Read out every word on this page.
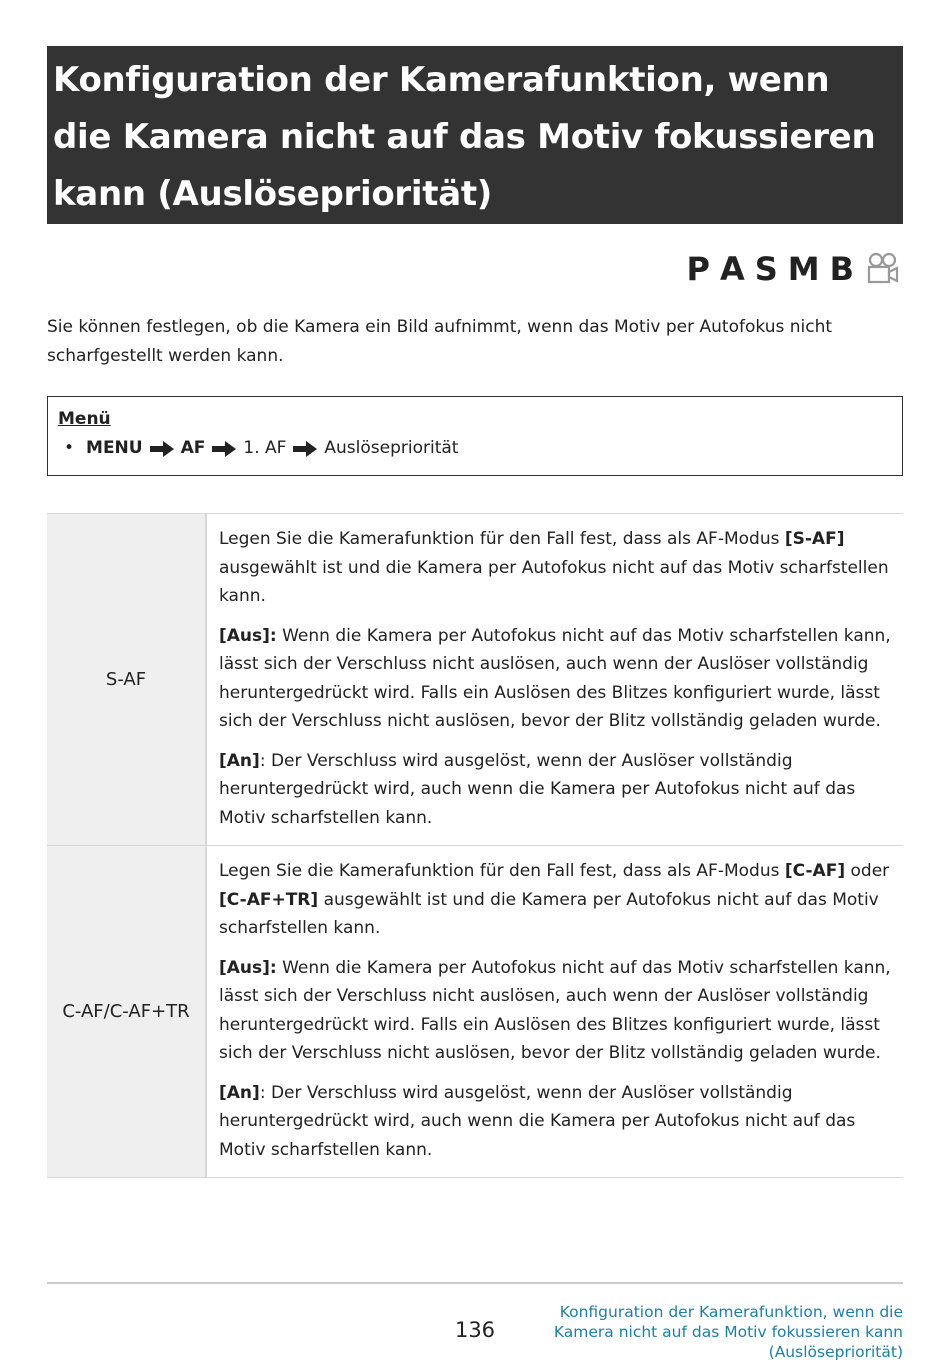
Konfiguration der Kamerafunktion, wenn die Kamera nicht auf das Motiv fokussieren kann (Auslösepriorität)
P A S M B

Sie können festlegen, ob die Kamera ein Bild aufnimmt, wenn das Motiv per Autofokus nicht scharfgestellt werden kann.

Menü
• MENU AF 1. AF Auslösepriorität
S-AF	Legen Sie die Kamerafunktion für den Fall fest, dass als AF-Modus [S-AF] ausgewählt ist und die Kamera per Autofokus nicht auf das Motiv scharfstellen kann.

[Aus]: Wenn die Kamera per Autofokus nicht auf das Motiv scharfstellen kann, lässt sich der Verschluss nicht auslösen, auch wenn der Auslöser vollständig heruntergedrückt wird. Falls ein Auslösen des Blitzes konfiguriert wurde, lässt sich der Verschluss nicht auslösen, bevor der Blitz vollständig geladen wurde.

[An]: Der Verschluss wird ausgelöst, wenn der Auslöser vollständig heruntergedrückt wird, auch wenn die Kamera per Autofokus nicht auf das Motiv scharfstellen kann.

C-AF/C-AF+TR	Legen Sie die Kamerafunktion für den Fall fest, dass als AF-Modus [C-AF] oder [C-AF+TR] ausgewählt ist und die Kamera per Autofokus nicht auf das Motiv scharfstellen kann.

[Aus]: Wenn die Kamera per Autofokus nicht auf das Motiv scharfstellen kann, lässt sich der Verschluss nicht auslösen, auch wenn der Auslöser vollständig heruntergedrückt wird. Falls ein Auslösen des Blitzes konfiguriert wurde, lässt sich der Verschluss nicht auslösen, bevor der Blitz vollständig geladen wurde.

[An]: Der Verschluss wird ausgelöst, wenn der Auslöser vollständig heruntergedrückt wird, auch wenn die Kamera per Autofokus nicht auf das Motiv scharfstellen kann.

136
Konfiguration der Kamerafunktion, wenn die
Kamera nicht auf das Motiv fokussieren kann
(Auslösepriorität)
